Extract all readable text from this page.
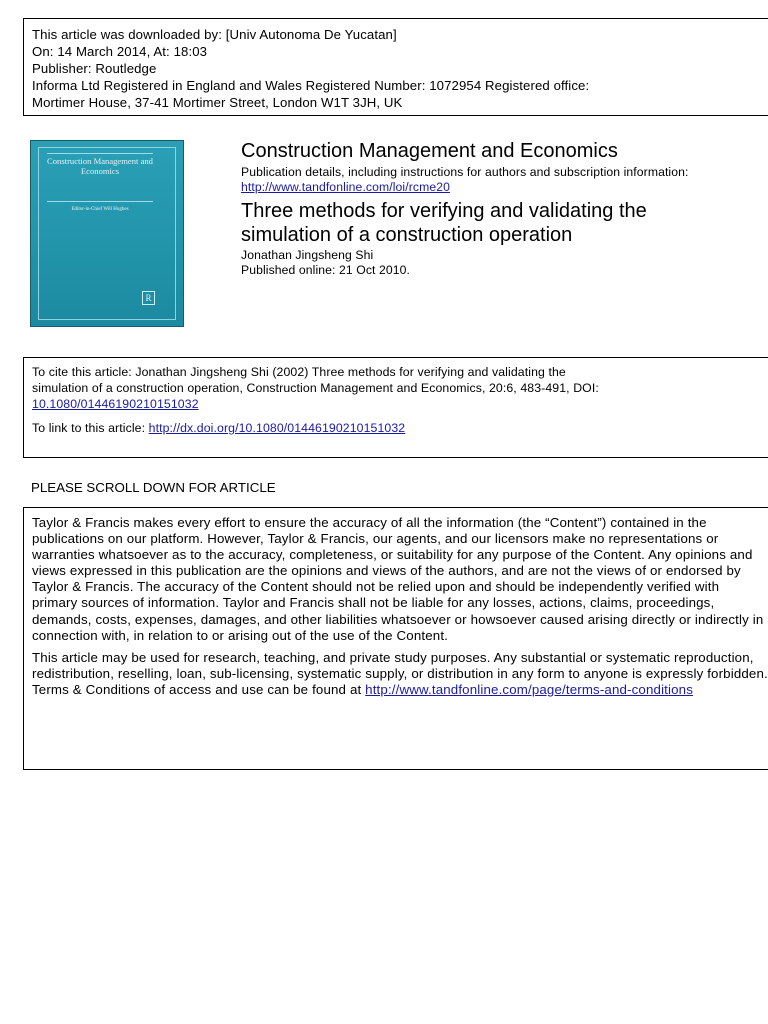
This article was downloaded by: [Univ Autonoma De Yucatan]
On: 14 March 2014, At: 18:03
Publisher: Routledge
Informa Ltd Registered in England and Wales Registered Number: 1072954 Registered office:
Mortimer House, 37-41 Mortimer Street, London W1T 3JH, UK
Construction Management and Economics
Editor-in-Chief Will Hughes
R
Construction Management and Economics
Publication details, including instructions for authors and subscription information:
http://www.tandfonline.com/loi/rcme20
Three methods for verifying and validating the simulation of a construction operation
Jonathan Jingsheng Shi
Published online: 21 Oct 2010.
To cite this article: Jonathan Jingsheng Shi (2002) Three methods for verifying and validating the
simulation of a construction operation, Construction Management and Economics, 20:6, 483-491, DOI:
10.1080/01446190210151032
To link to this article: http://dx.doi.org/10.1080/01446190210151032
PLEASE SCROLL DOWN FOR ARTICLE

Taylor & Francis makes every effort to ensure the accuracy of all the information (the “Content”) contained in the publications on our platform. However, Taylor & Francis, our agents, and our licensors make no representations or warranties whatsoever as to the accuracy, completeness, or suitability for any purpose of the Content. Any opinions and views expressed in this publication are the opinions and views of the authors, and are not the views of or endorsed by Taylor & Francis. The accuracy of the Content should not be relied upon and should be independently verified with primary sources of information. Taylor and Francis shall not be liable for any losses, actions, claims, proceedings, demands, costs, expenses, damages, and other liabilities whatsoever or howsoever caused arising directly or indirectly in connection with, in relation to or arising out of the use of the Content.

This article may be used for research, teaching, and private study purposes. Any substantial or systematic reproduction, redistribution, reselling, loan, sub-licensing, systematic supply, or distribution in any form to anyone is expressly forbidden. Terms & Conditions of access and use can be found at http://www.tandfonline.com/page/terms-and-conditions
